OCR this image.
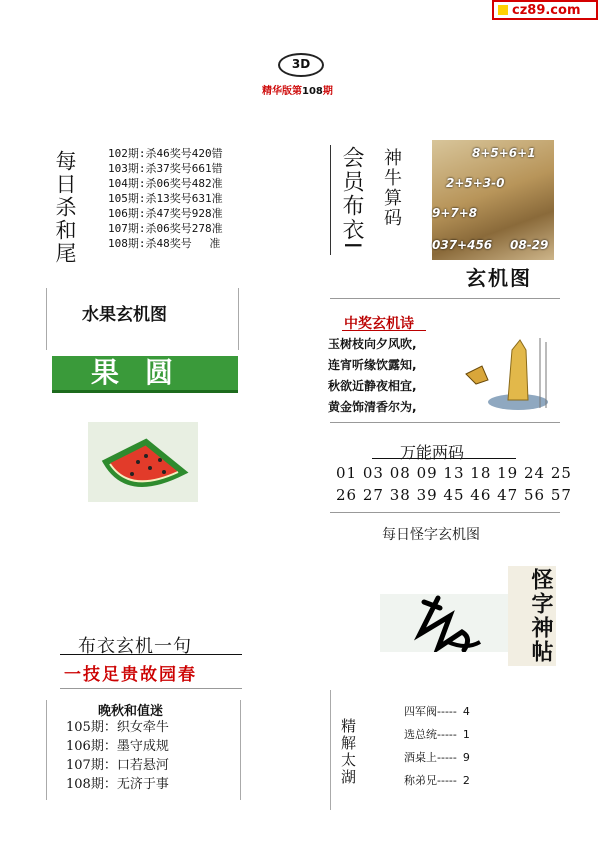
cz89.com
3D
精华版第108期
每日杀和尾	102期:杀46奖号420错
103期:杀37奖号661错
104期:杀06奖号482准
105期:杀13奖号631准
106期:杀47奖号928准
107期:杀06奖号278准
108期:杀48奖号　 准
水果玄机图
果圆
会员布衣I 神牛算码	8+5+6+1
2+5+3-0
9+7+8
037+456 08-29
玄机图
中奖玄机诗
玉树枝向夕风吹,
连宵听缘饮露知,
秋欲近静夜相宜,
黄金饰清香尔为,
万能两码
01 03 08 09 13 18 19 24 25
26 27 38 39 45 46 47 56 57
每日怪字玄机图
怪字神帖
布衣玄机一句
一技足贵故园春
晚秋和值迷
105期：织女牵牛
106期：墨守成规
107期：口若悬河
108期：无济于事	精解太湖
四军阀----- 4
选总统----- 1
酒桌上----- 9
称弟兄----- 2
